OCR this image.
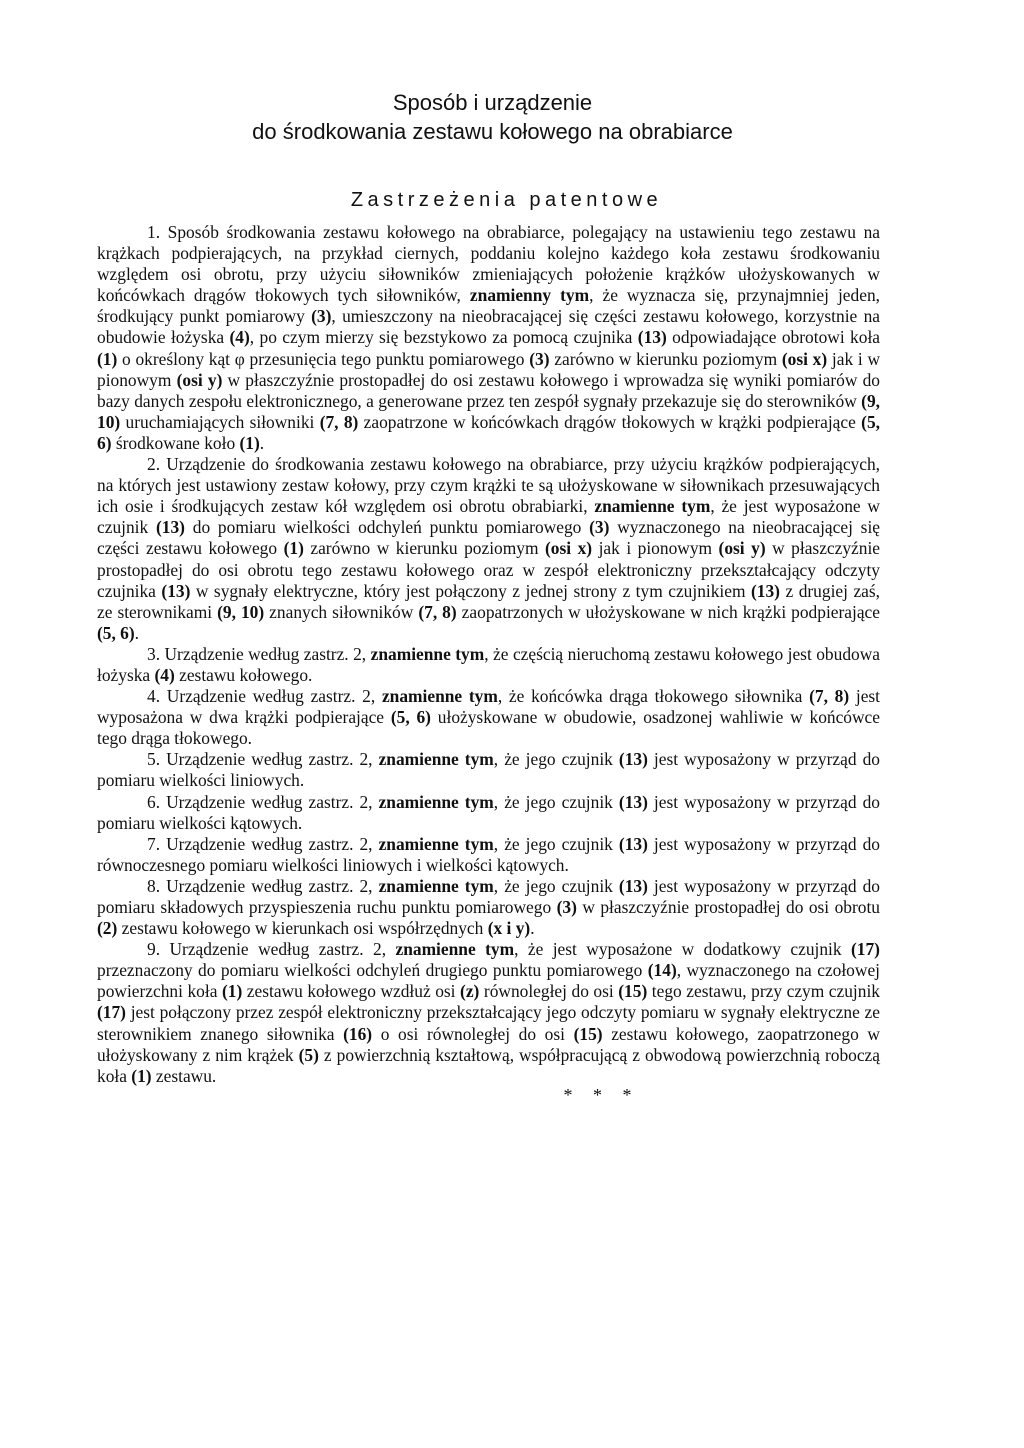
Sposób i urządzenie
do środkowania zestawu kołowego na obrabiarce
Zastrzeżenia patentowe

1. Sposób środkowania zestawu kołowego na obrabiarce, polegający na ustawieniu tego zestawu na krążkach podpierających, na przykład ciernych, poddaniu kolejno każdego koła zestawu środkowaniu względem osi obrotu, przy użyciu siłowników zmieniających położenie krążków ułożyskowanych w końcówkach drągów tłokowych tych siłowników, znamienny tym, że wyznacza się, przynajmniej jeden, środkujący punkt pomiarowy (3), umieszczony na nieobracającej się części zestawu kołowego, korzystnie na obudowie łożyska (4), po czym mierzy się bezstykowo za pomocą czujnika (13) odpowiadające obrotowi koła (1) o określony kąt φ przesunięcia tego punktu pomiarowego (3) zarówno w kierunku poziomym (osi x) jak i w pionowym (osi y) w płaszczyźnie prostopadłej do osi zestawu kołowego i wprowadza się wyniki pomiarów do bazy danych zespołu elektronicznego, a generowane przez ten zespół sygnały przekazuje się do sterowników (9, 10) uruchamiających siłowniki (7, 8) zaopatrzone w końcówkach drągów tłokowych w krążki podpierające (5, 6) środkowane koło (1).

2. Urządzenie do środkowania zestawu kołowego na obrabiarce, przy użyciu krążków podpierających, na których jest ustawiony zestaw kołowy, przy czym krążki te są ułożyskowane w siłownikach przesuwających ich osie i środkujących zestaw kół względem osi obrotu obrabiarki, znamienne tym, że jest wyposażone w czujnik (13) do pomiaru wielkości odchyleń punktu pomiarowego (3) wyznaczonego na nieobracającej się części zestawu kołowego (1) zarówno w kierunku poziomym (osi x) jak i pionowym (osi y) w płaszczyźnie prostopadłej do osi obrotu tego zestawu kołowego oraz w zespół elektroniczny przekształcający odczyty czujnika (13) w sygnały elektryczne, który jest połączony z jednej strony z tym czujnikiem (13) z drugiej zaś, ze sterownikami (9, 10) znanych siłowników (7, 8) zaopatrzonych w ułożyskowane w nich krążki podpierające (5, 6).

3. Urządzenie według zastrz. 2, znamienne tym, że częścią nieruchomą zestawu kołowego jest obudowa łożyska (4) zestawu kołowego.

4. Urządzenie według zastrz. 2, znamienne tym, że końcówka drąga tłokowego siłownika (7, 8) jest wyposażona w dwa krążki podpierające (5, 6) ułożyskowane w obudowie, osadzonej wahliwie w końcówce tego drąga tłokowego.

5. Urządzenie według zastrz. 2, znamienne tym, że jego czujnik (13) jest wyposażony w przyrząd do pomiaru wielkości liniowych.

6. Urządzenie według zastrz. 2, znamienne tym, że jego czujnik (13) jest wyposażony w przyrząd do pomiaru wielkości kątowych.

7. Urządzenie według zastrz. 2, znamienne tym, że jego czujnik (13) jest wyposażony w przyrząd do równoczesnego pomiaru wielkości liniowych i wielkości kątowych.

8. Urządzenie według zastrz. 2, znamienne tym, że jego czujnik (13) jest wyposażony w przyrząd do pomiaru składowych przyspieszenia ruchu punktu pomiarowego (3) w płaszczyźnie prostopadłej do osi obrotu (2) zestawu kołowego w kierunkach osi współrzędnych (x i y).

9. Urządzenie według zastrz. 2, znamienne tym, że jest wyposażone w dodatkowy czujnik (17) przeznaczony do pomiaru wielkości odchyleń drugiego punktu pomiarowego (14), wyznaczonego na czołowej powierzchni koła (1) zestawu kołowego wzdłuż osi (z) równoległej do osi (15) tego zestawu, przy czym czujnik (17) jest połączony przez zespół elektroniczny przekształcający jego odczyty pomiaru w sygnały elektryczne ze sterownikiem znanego siłownika (16) o osi równoległej do osi (15) zestawu kołowego, zaopatrzonego w ułożyskowany z nim krążek (5) z powierzchnią kształtową, współpracującą z obwodową powierzchnią roboczą koła (1) zestawu.

* * *
